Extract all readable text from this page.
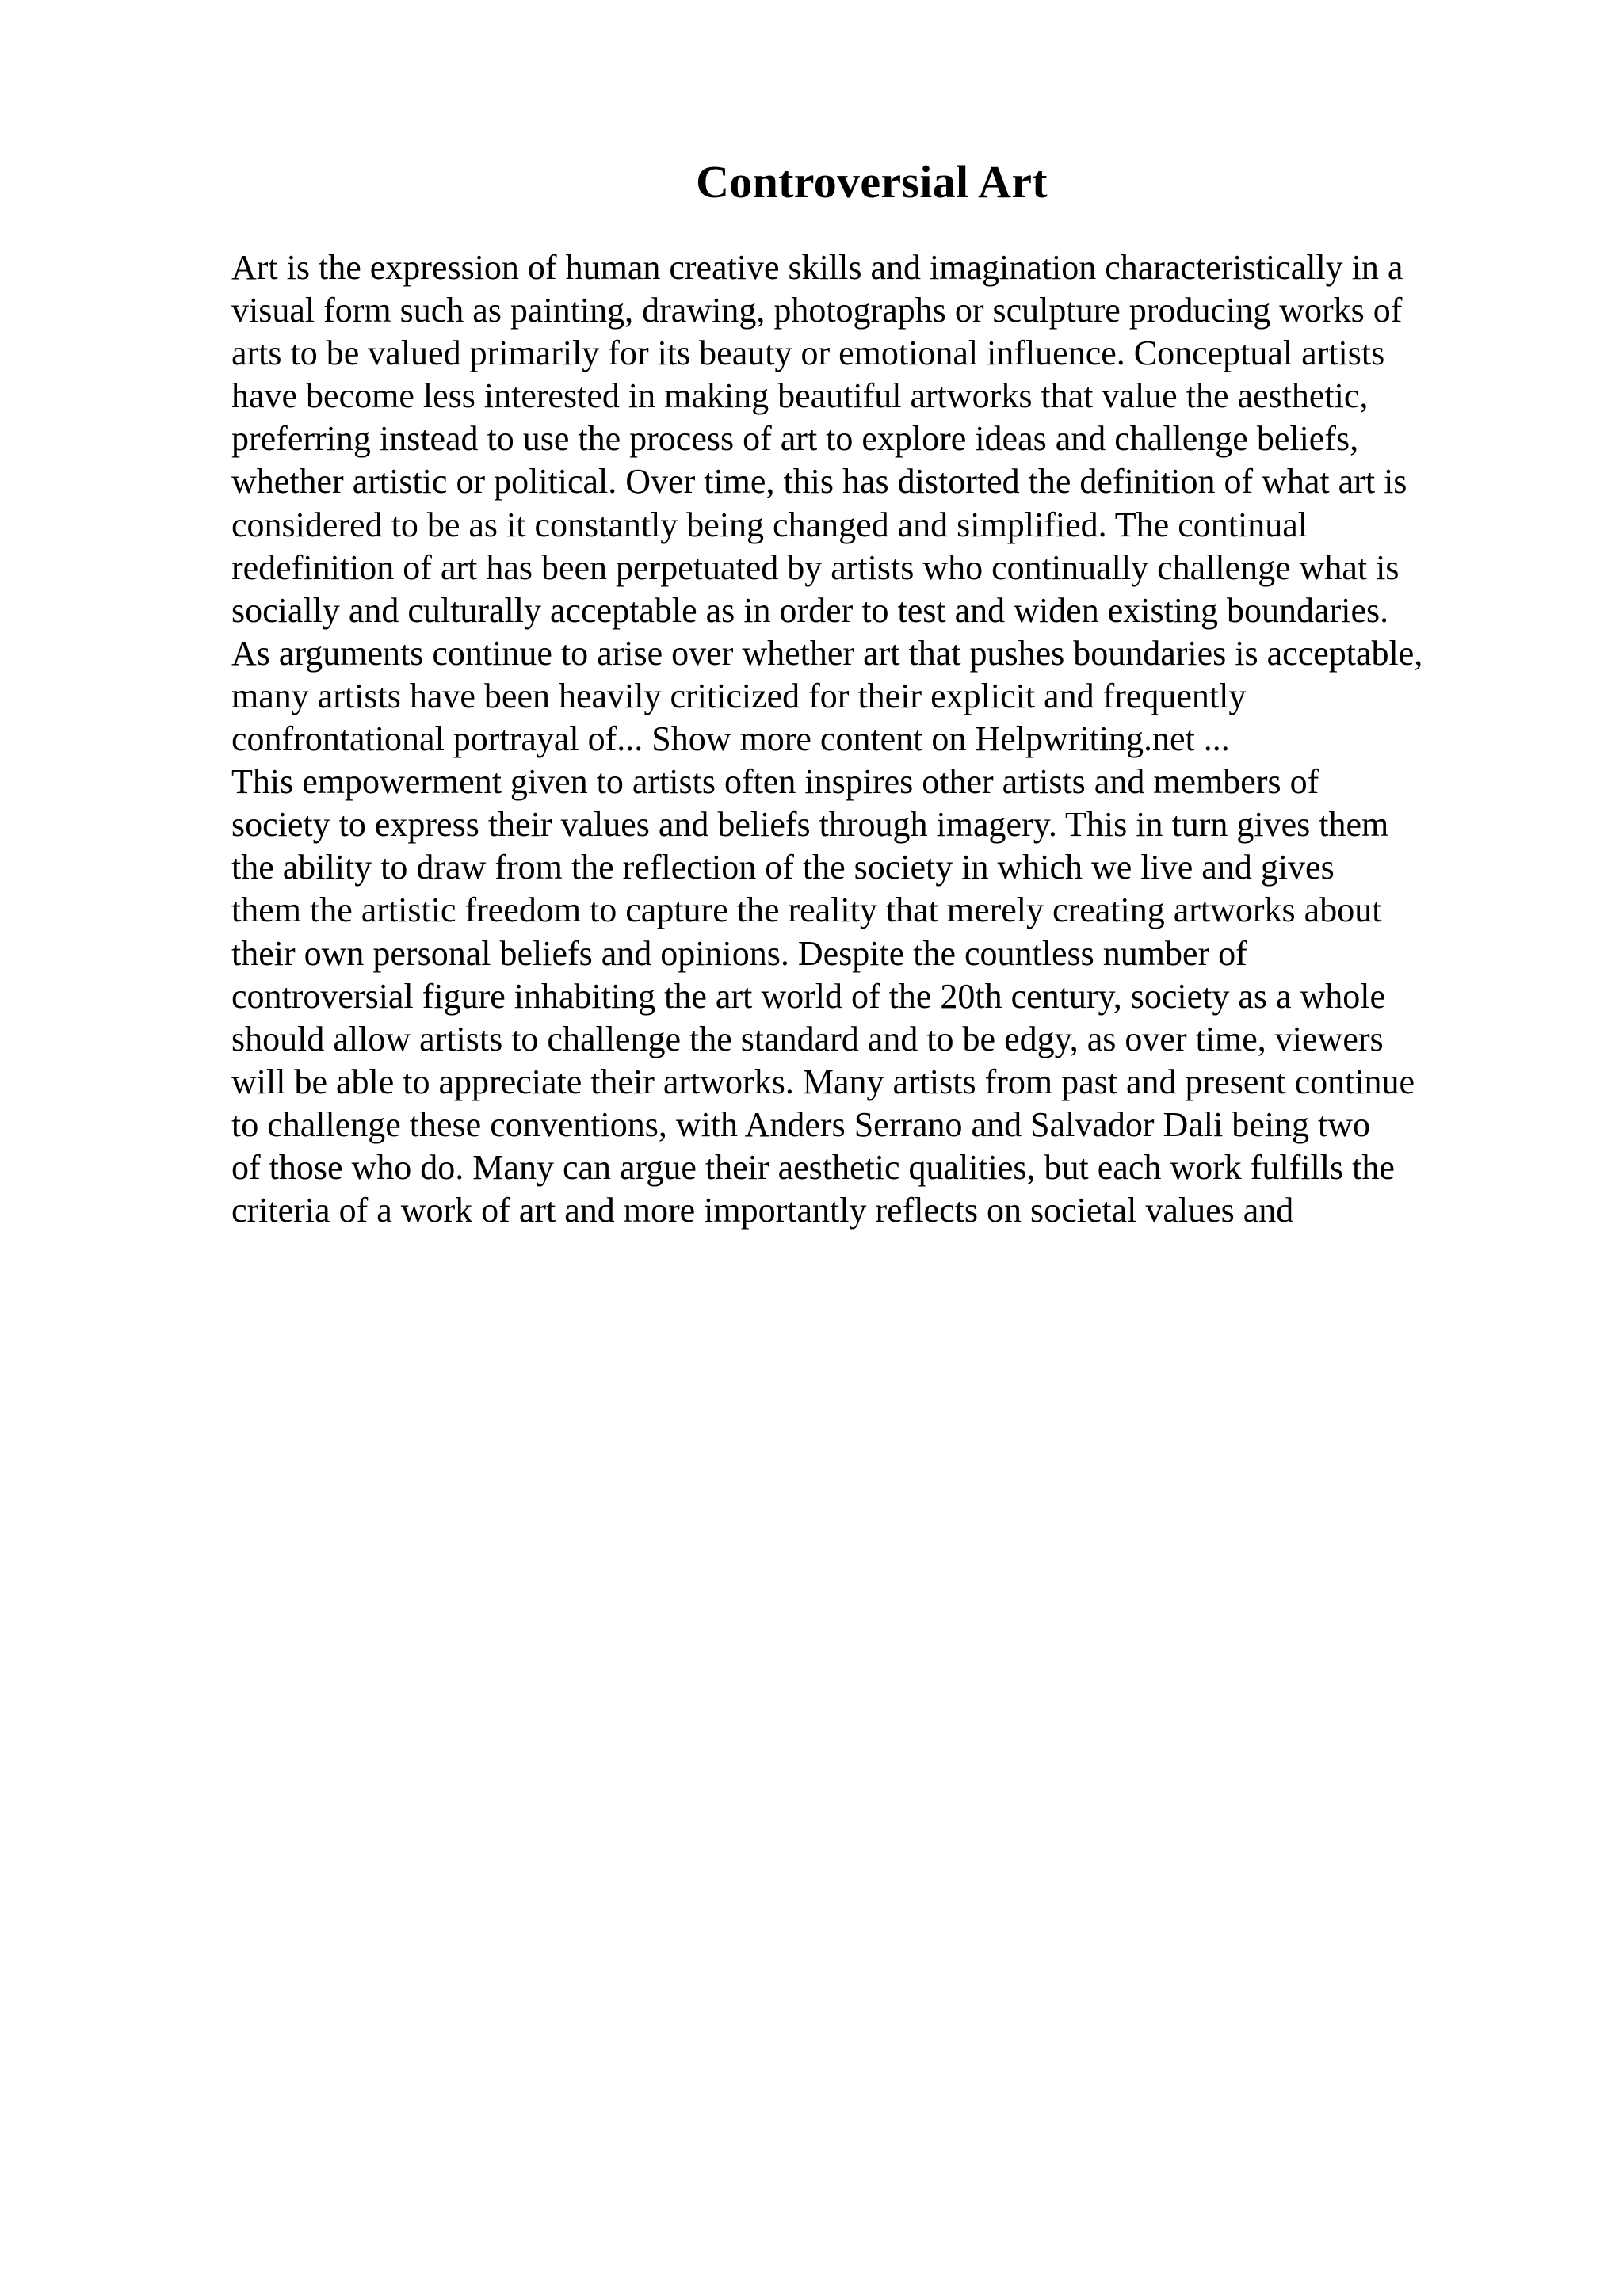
Controversial Art
Art is the expression of human creative skills and imagination characteristically in a
visual form such as painting, drawing, photographs or sculpture producing works of
arts to be valued primarily for its beauty or emotional influence. Conceptual artists
have become less interested in making beautiful artworks that value the aesthetic,
preferring instead to use the process of art to explore ideas and challenge beliefs,
whether artistic or political. Over time, this has distorted the definition of what art is
considered to be as it constantly being changed and simplified. The continual
redefinition of art has been perpetuated by artists who continually challenge what is
socially and culturally acceptable as in order to test and widen existing boundaries.
As arguments continue to arise over whether art that pushes boundaries is acceptable,
many artists have been heavily criticized for their explicit and frequently
confrontational portrayal of... Show more content on Helpwriting.net ...
This empowerment given to artists often inspires other artists and members of
society to express their values and beliefs through imagery. This in turn gives them
the ability to draw from the reflection of the society in which we live and gives
them the artistic freedom to capture the reality that merely creating artworks about
their own personal beliefs and opinions. Despite the countless number of
controversial figure inhabiting the art world of the 20th century, society as a whole
should allow artists to challenge the standard and to be edgy, as over time, viewers
will be able to appreciate their artworks. Many artists from past and present continue
to challenge these conventions, with Anders Serrano and Salvador Dali being two
of those who do. Many can argue their aesthetic qualities, but each work fulfills the
criteria of a work of art and more importantly reflects on societal values and
